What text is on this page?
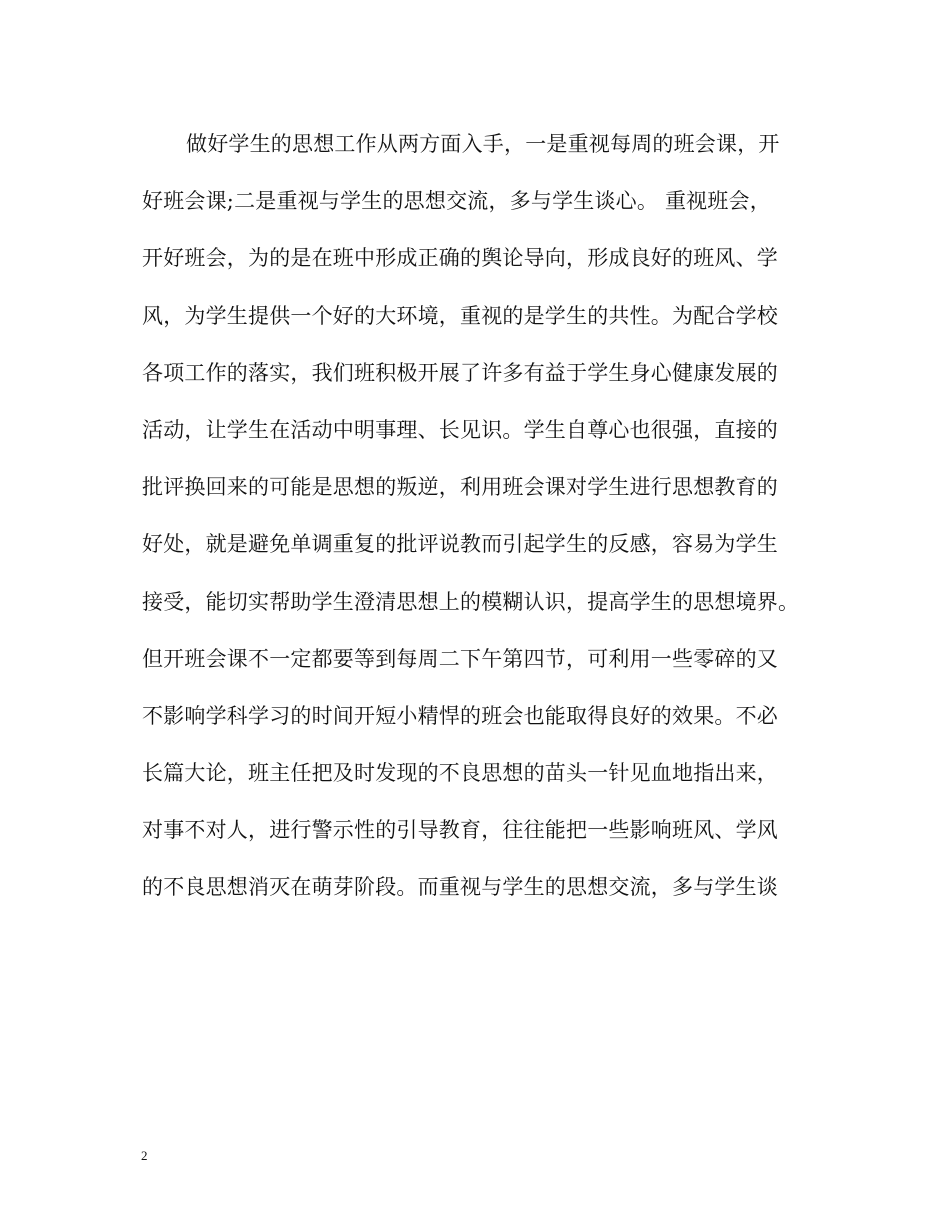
做好学生的思想工作从两方面入手，一是重视每周的班会课，开
好班会课;二是重视与学生的思想交流，多与学生谈心。 重视班会，
开好班会，为的是在班中形成正确的舆论导向，形成良好的班风、学
风，为学生提供一个好的大环境，重视的是学生的共性。为配合学校
各项工作的落实，我们班积极开展了许多有益于学生身心健康发展的
活动，让学生在活动中明事理、长见识。学生自尊心也很强，直接的
批评换回来的可能是思想的叛逆，利用班会课对学生进行思想教育的
好处，就是避免单调重复的批评说教而引起学生的反感，容易为学生
接受，能切实帮助学生澄清思想上的模糊认识，提高学生的思想境界。
但开班会课不一定都要等到每周二下午第四节，可利用一些零碎的又
不影响学科学习的时间开短小精悍的班会也能取得良好的效果。不必
长篇大论，班主任把及时发现的不良思想的苗头一针见血地指出来，
对事不对人，进行警示性的引导教育，往往能把一些影响班风、学风
的不良思想消灭在萌芽阶段。而重视与学生的思想交流，多与学生谈
2
